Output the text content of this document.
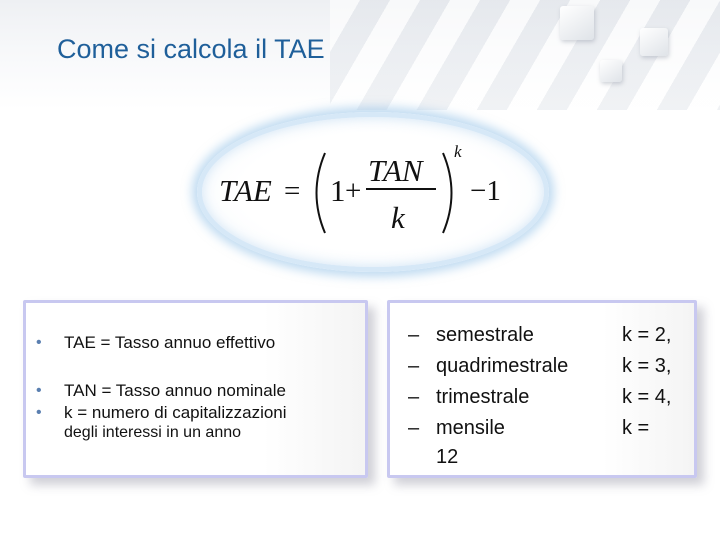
Come si calcola il TAE
TAE = 1 +
TAN
k
k
−1
• TAE = Tasso annuo effettivo
• TAN = Tasso annuo nominale
• k = numero di capitalizzazioni
degli interessi in un anno
– semestrale
– quadrimestrale
– trimestrale
– mensile
12
k = 2,
k = 3,
k = 4,
k =
